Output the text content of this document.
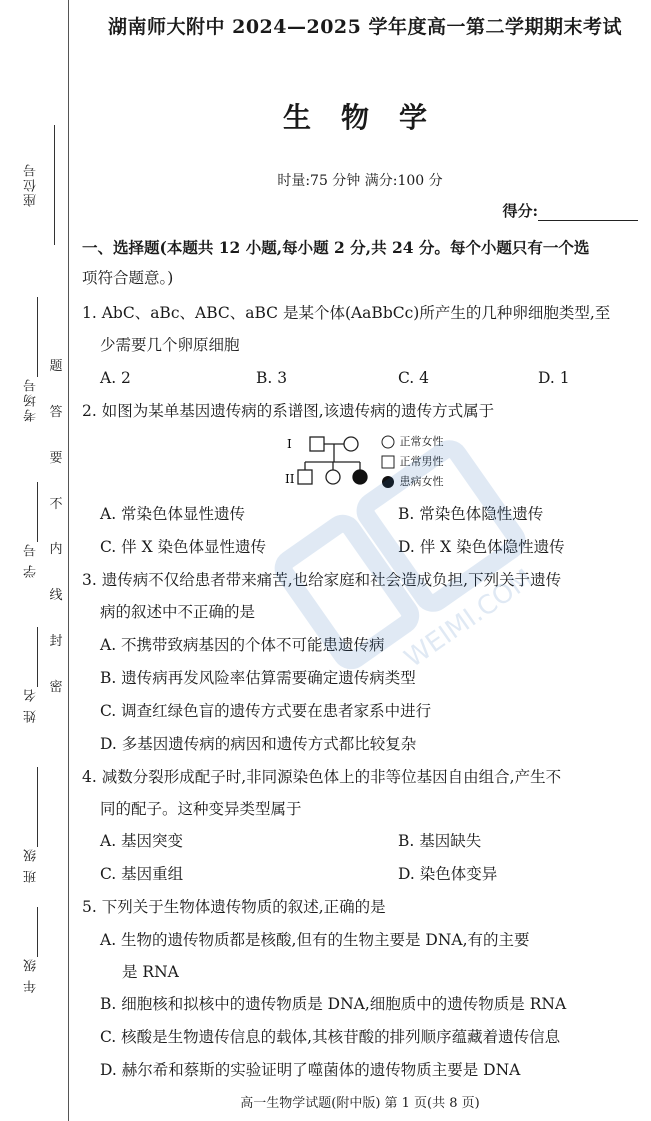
座位号
考场号
学 号
姓 名
班 级
年 级
题
答
要
不
内
线
封
密
湖南师大附中 2024—2025 学年度高一第二学期期末考试
生物学
时量:75 分钟 满分:100 分
得分:
一、选择题(本题共 12 小题,每小题 2 分,共 24 分。每个小题只有一个选
项符合题意。)
1. AbC、aBc、ABC、aBC 是某个体(AaBbCc)所产生的几种卵细胞类型,至
少需要几个卵原细胞
A. 2	B. 3	C. 4	D. 1
2. 如图为某单基因遗传病的系谱图,该遗传病的遗传方式属于
I
II
正常女性
正常男性
患病女性
A. 常染色体显性遗传	B. 常染色体隐性遗传
C. 伴 X 染色体显性遗传	D. 伴 X 染色体隐性遗传
3. 遗传病不仅给患者带来痛苦,也给家庭和社会造成负担,下列关于遗传
病的叙述中不正确的是
A. 不携带致病基因的个体不可能患遗传病
B. 遗传病再发风险率估算需要确定遗传病类型
C. 调查红绿色盲的遗传方式要在患者家系中进行
D. 多基因遗传病的病因和遗传方式都比较复杂
4. 减数分裂形成配子时,非同源染色体上的非等位基因自由组合,产生不
同的配子。这种变异类型属于
A. 基因突变	B. 基因缺失
C. 基因重组	D. 染色体变异
5. 下列关于生物体遗传物质的叙述,正确的是
A. 生物的遗传物质都是核酸,但有的生物主要是 DNA,有的主要
是 RNA
B. 细胞核和拟核中的遗传物质是 DNA,细胞质中的遗传物质是 RNA
C. 核酸是生物遗传信息的载体,其核苷酸的排列顺序蕴藏着遗传信息
D. 赫尔希和蔡斯的实验证明了噬菌体的遗传物质主要是 DNA
高一生物学试题(附中版) 第 1 页(共 8 页)
WEIMI.COM
